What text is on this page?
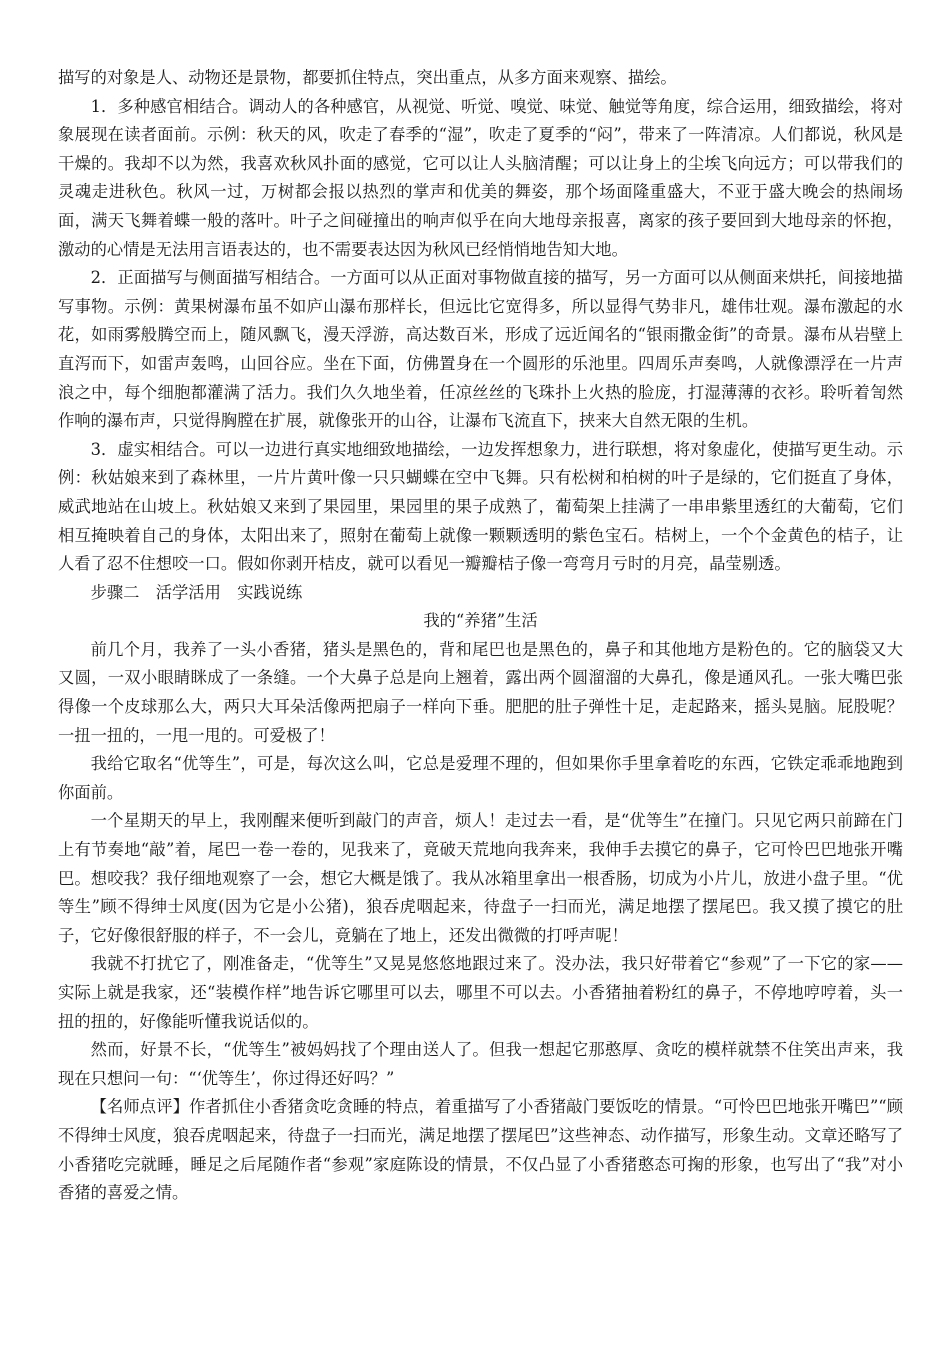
描写的对象是人、动物还是景物，都要抓住特点，突出重点，从多方面来观察、描绘。

1．多种感官相结合。调动人的各种感官，从视觉、听觉、嗅觉、味觉、触觉等角度，综合运用，细致描绘，将对象展现在读者面前。示例：秋天的风，吹走了春季的“湿”，吹走了夏季的“闷”，带来了一阵清凉。人们都说，秋风是干燥的。我却不以为然，我喜欢秋风扑面的感觉，它可以让人头脑清醒；可以让身上的尘埃飞向远方；可以带我们的灵魂走进秋色。秋风一过，万树都会报以热烈的掌声和优美的舞姿，那个场面隆重盛大，不亚于盛大晚会的热闹场面，满天飞舞着蝶一般的落叶。叶子之间碰撞出的响声似乎在向大地母亲报喜，离家的孩子要回到大地母亲的怀抱，激动的心情是无法用言语表达的，也不需要表达因为秋风已经悄悄地告知大地。

2．正面描写与侧面描写相结合。一方面可以从正面对事物做直接的描写，另一方面可以从侧面来烘托，间接地描写事物。示例：黄果树瀑布虽不如庐山瀑布那样长，但远比它宽得多，所以显得气势非凡，雄伟壮观。瀑布激起的水花，如雨雾般腾空而上，随风飘飞，漫天浮游，高达数百米，形成了远近闻名的“银雨撒金街”的奇景。瀑布从岩壁上直泻而下，如雷声轰鸣，山回谷应。坐在下面，仿佛置身在一个圆形的乐池里。四周乐声奏鸣，人就像漂浮在一片声浪之中，每个细胞都灌满了活力。我们久久地坐着，任凉丝丝的飞珠扑上火热的脸庞，打湿薄薄的衣衫。聆听着訇然作响的瀑布声，只觉得胸膛在扩展，就像张开的山谷，让瀑布飞流直下，挟来大自然无限的生机。

3．虚实相结合。可以一边进行真实地细致地描绘，一边发挥想象力，进行联想，将对象虚化，使描写更生动。示例：秋姑娘来到了森林里，一片片黄叶像一只只蝴蝶在空中飞舞。只有松树和柏树的叶子是绿的，它们挺直了身体，威武地站在山坡上。秋姑娘又来到了果园里，果园里的果子成熟了，葡萄架上挂满了一串串紫里透红的大葡萄，它们相互掩映着自己的身体，太阳出来了，照射在葡萄上就像一颗颗透明的紫色宝石。桔树上，一个个金黄色的桔子，让人看了忍不住想咬一口。假如你剥开桔皮，就可以看见一瓣瓣桔子像一弯弯月亏时的月亮，晶莹剔透。

步骤二　活学活用　实践说练

我的“养猪”生活

前几个月，我养了一头小香猪，猪头是黑色的，背和尾巴也是黑色的，鼻子和其他地方是粉色的。它的脑袋又大又圆，一双小眼睛眯成了一条缝。一个大鼻子总是向上翘着，露出两个圆溜溜的大鼻孔，像是通风孔。一张大嘴巴张得像一个皮球那么大，两只大耳朵活像两把扇子一样向下垂。肥肥的肚子弹性十足，走起路来，摇头晃脑。屁股呢？一扭一扭的，一甩一甩的。可爱极了！

我给它取名“优等生”，可是，每次这么叫，它总是爱理不理的，但如果你手里拿着吃的东西，它铁定乖乖地跑到你面前。

一个星期天的早上，我刚醒来便听到敲门的声音，烦人！走过去一看，是“优等生”在撞门。只见它两只前蹄在门上有节奏地“敲”着，尾巴一卷一卷的，见我来了，竟破天荒地向我奔来，我伸手去摸它的鼻子，它可怜巴巴地张开嘴巴。想咬我？我仔细地观察了一会，想它大概是饿了。我从冰箱里拿出一根香肠，切成为小片儿，放进小盘子里。“优等生”顾不得绅士风度(因为它是小公猪)，狼吞虎咽起来，待盘子一扫而光，满足地摆了摆尾巴。我又摸了摸它的肚子，它好像很舒服的样子，不一会儿，竟躺在了地上，还发出微微的打呼声呢！

我就不打扰它了，刚准备走，“优等生”又晃晃悠悠地跟过来了。没办法，我只好带着它“参观”了一下它的家——实际上就是我家，还“装模作样”地告诉它哪里可以去，哪里不可以去。小香猪抽着粉红的鼻子，不停地哼哼着，头一扭的扭的，好像能听懂我说话似的。

然而，好景不长，“优等生”被妈妈找了个理由送人了。但我一想起它那憨厚、贪吃的模样就禁不住笑出声来，我现在只想问一句：“‘优等生’，你过得还好吗？”

【名师点评】作者抓住小香猪贪吃贪睡的特点，着重描写了小香猪敲门要饭吃的情景。“可怜巴巴地张开嘴巴”“顾不得绅士风度，狼吞虎咽起来，待盘子一扫而光，满足地摆了摆尾巴”这些神态、动作描写，形象生动。文章还略写了小香猪吃完就睡，睡足之后尾随作者“参观”家庭陈设的情景，不仅凸显了小香猪憨态可掬的形象，也写出了“我”对小香猪的喜爱之情。
